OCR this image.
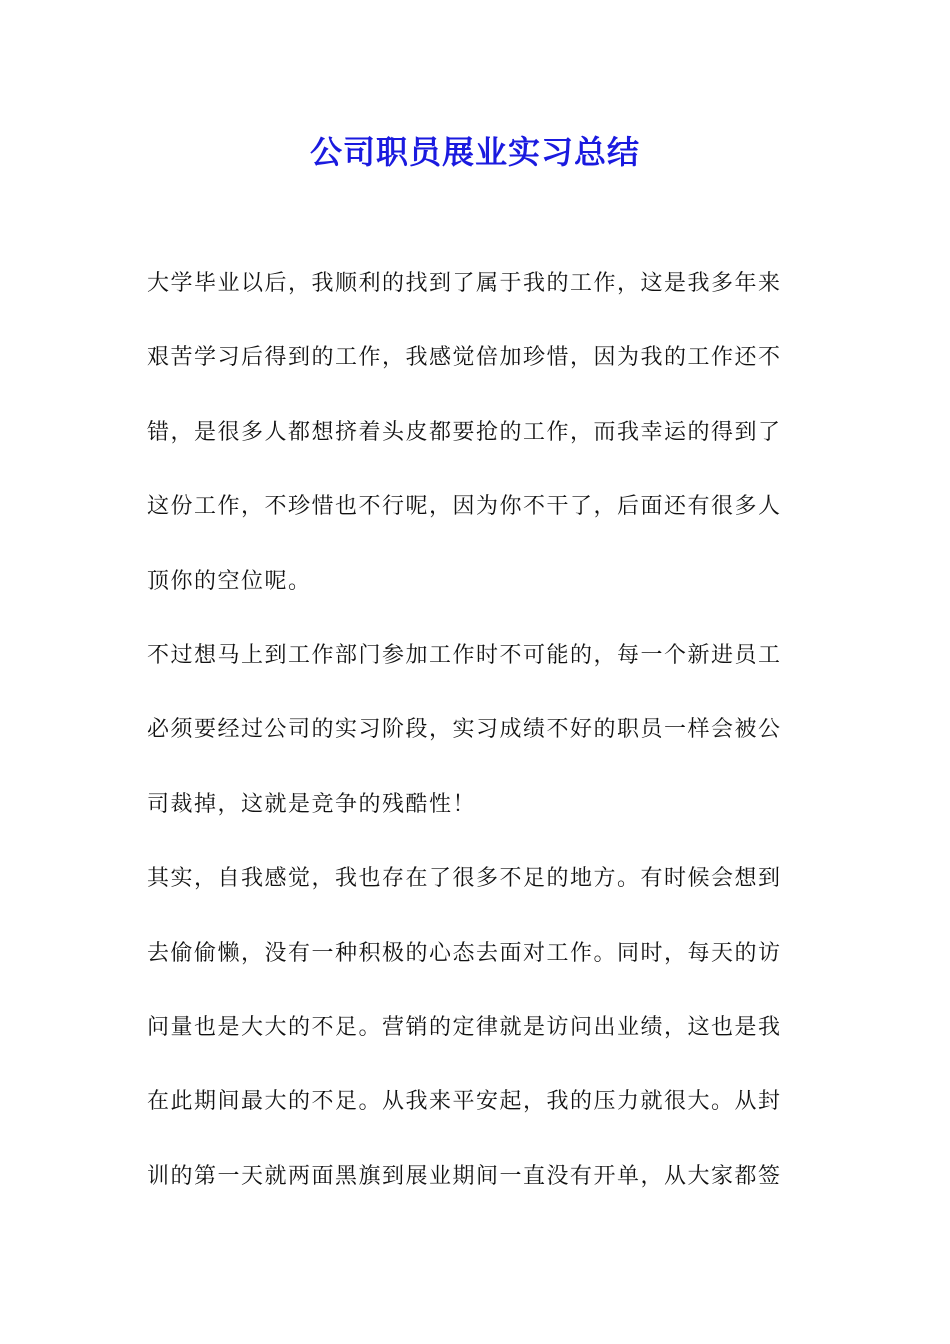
公司职员展业实习总结
大学毕业以后，我顺利的找到了属于我的工作，这是我多年来
艰苦学习后得到的工作，我感觉倍加珍惜，因为我的工作还不
错，是很多人都想挤着头皮都要抢的工作，而我幸运的得到了
这份工作，不珍惜也不行呢，因为你不干了，后面还有很多人
顶你的空位呢。
不过想马上到工作部门参加工作时不可能的，每一个新进员工
必须要经过公司的实习阶段，实习成绩不好的职员一样会被公
司裁掉，这就是竞争的残酷性！
其实，自我感觉，我也存在了很多不足的地方。有时候会想到
去偷偷懒，没有一种积极的心态去面对工作。同时，每天的访
问量也是大大的不足。营销的定律就是访问出业绩，这也是我
在此期间最大的不足。从我来平安起，我的压力就很大。从封
训的第一天就两面黑旗到展业期间一直没有开单，从大家都签
